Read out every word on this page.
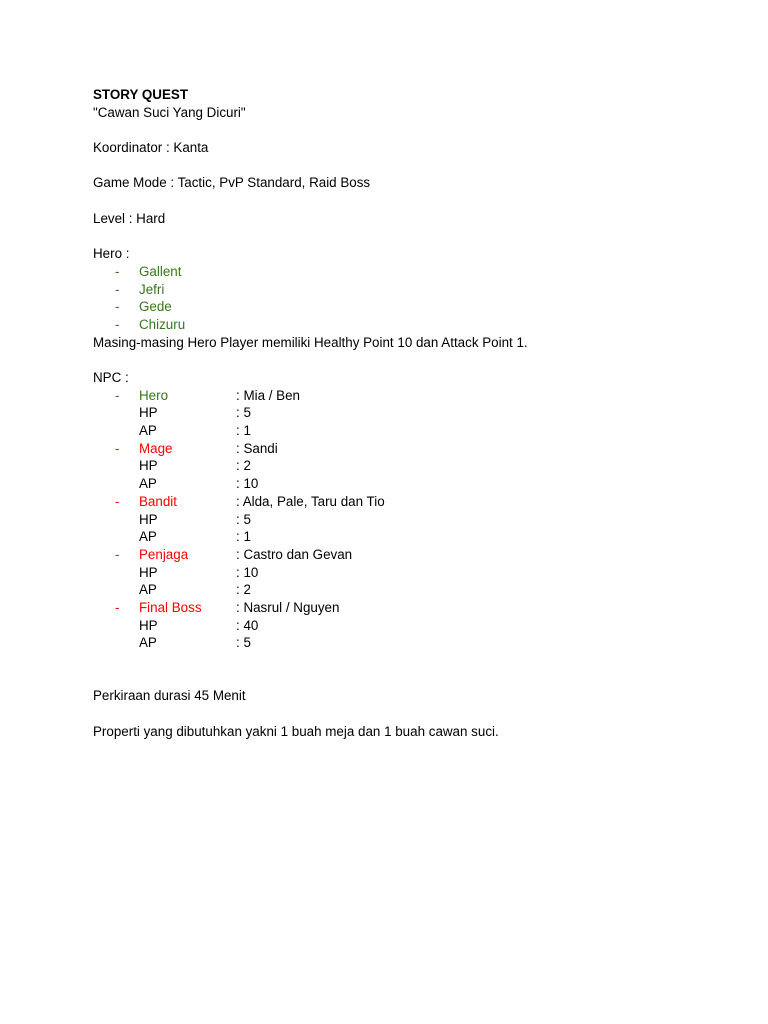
STORY QUEST
"Cawan Suci Yang Dicuri"
Koordinator : Kanta
Game Mode : Tactic, PvP Standard, Raid Boss
Level : Hard
Hero :
- Gallent
- Jefri
- Gede
- Chizuru
Masing-masing Hero Player memiliki Healthy Point 10 dan Attack Point 1.
NPC :
- Hero	: Mia / Ben
HP	: 5
AP	: 1
- Mage	: Sandi
HP	: 2
AP	: 10
- Bandit	: Alda, Pale, Taru dan Tio
HP	: 5
AP	: 1
- Penjaga	: Castro dan Gevan
HP	: 10
AP	: 2
- Final Boss	: Nasrul / Nguyen
HP	: 40
AP	: 5
Perkiraan durasi 45 Menit
Properti yang dibutuhkan yakni 1 buah meja dan 1 buah cawan suci.
